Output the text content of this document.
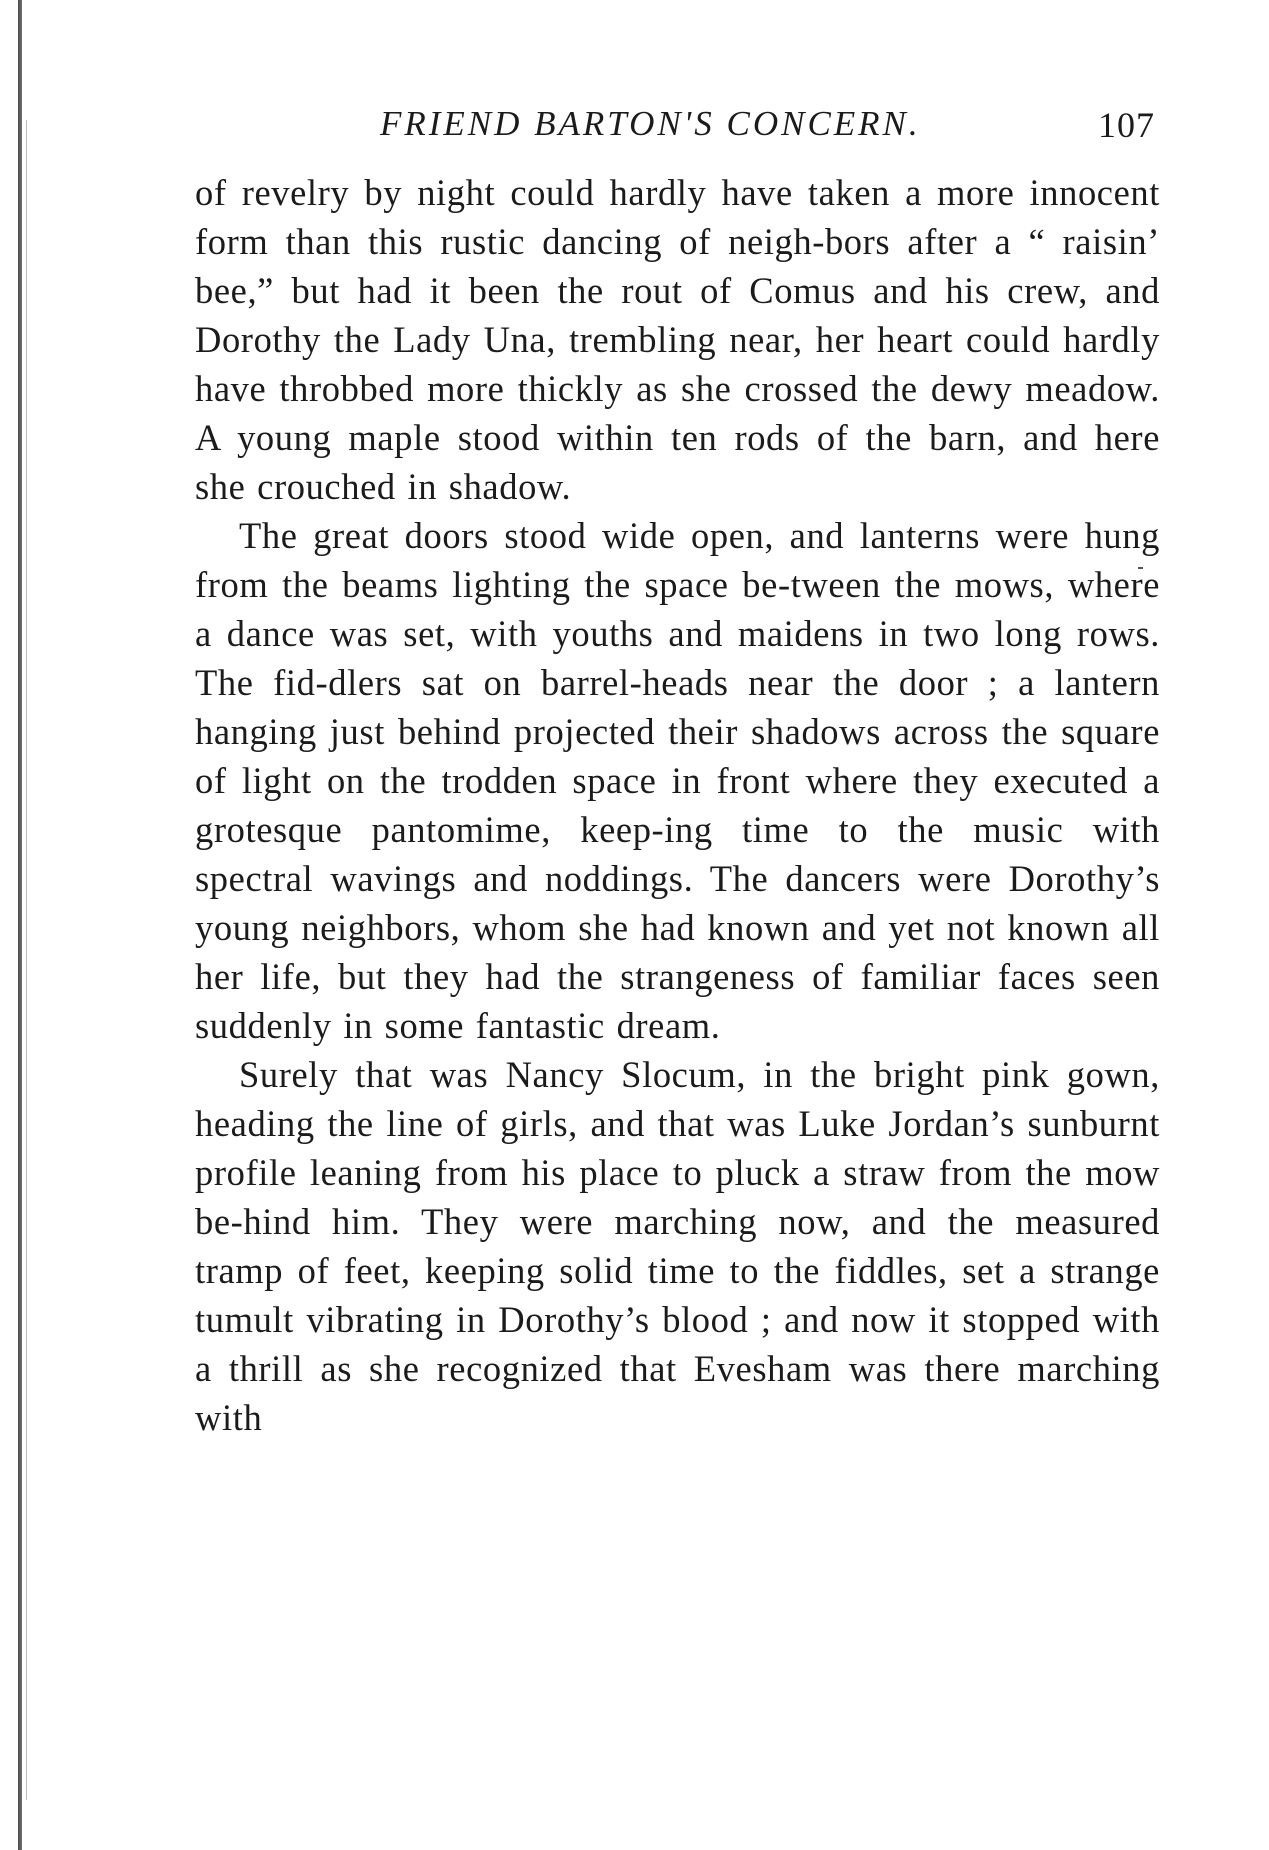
FRIEND BARTON'S CONCERN.	107

of revelry by night could hardly have taken a more innocent form than this rustic dancing of neigh-bors after a “ raisin’ bee,” but had it been the rout of Comus and his crew, and Dorothy the Lady Una, trembling near, her heart could hardly have throbbed more thickly as she crossed the dewy meadow. A young maple stood within ten rods of the barn, and here she crouched in shadow.

The great doors stood wide open, and lanterns were hung from the beams lighting the space be-tween the mows, where a dance was set, with youths and maidens in two long rows. The fid-dlers sat on barrel-heads near the door ; a lantern hanging just behind projected their shadows across the square of light on the trodden space in front where they executed a grotesque pantomime, keep-ing time to the music with spectral wavings and noddings. The dancers were Dorothy’s young neighbors, whom she had known and yet not known all her life, but they had the strangeness of familiar faces seen suddenly in some fantastic dream.

Surely that was Nancy Slocum, in the bright pink gown, heading the line of girls, and that was Luke Jordan’s sunburnt profile leaning from his place to pluck a straw from the mow be-hind him. They were marching now, and the measured tramp of feet, keeping solid time to the fiddles, set a strange tumult vibrating in Dorothy’s blood ; and now it stopped with a thrill as she recognized that Evesham was there marching with
